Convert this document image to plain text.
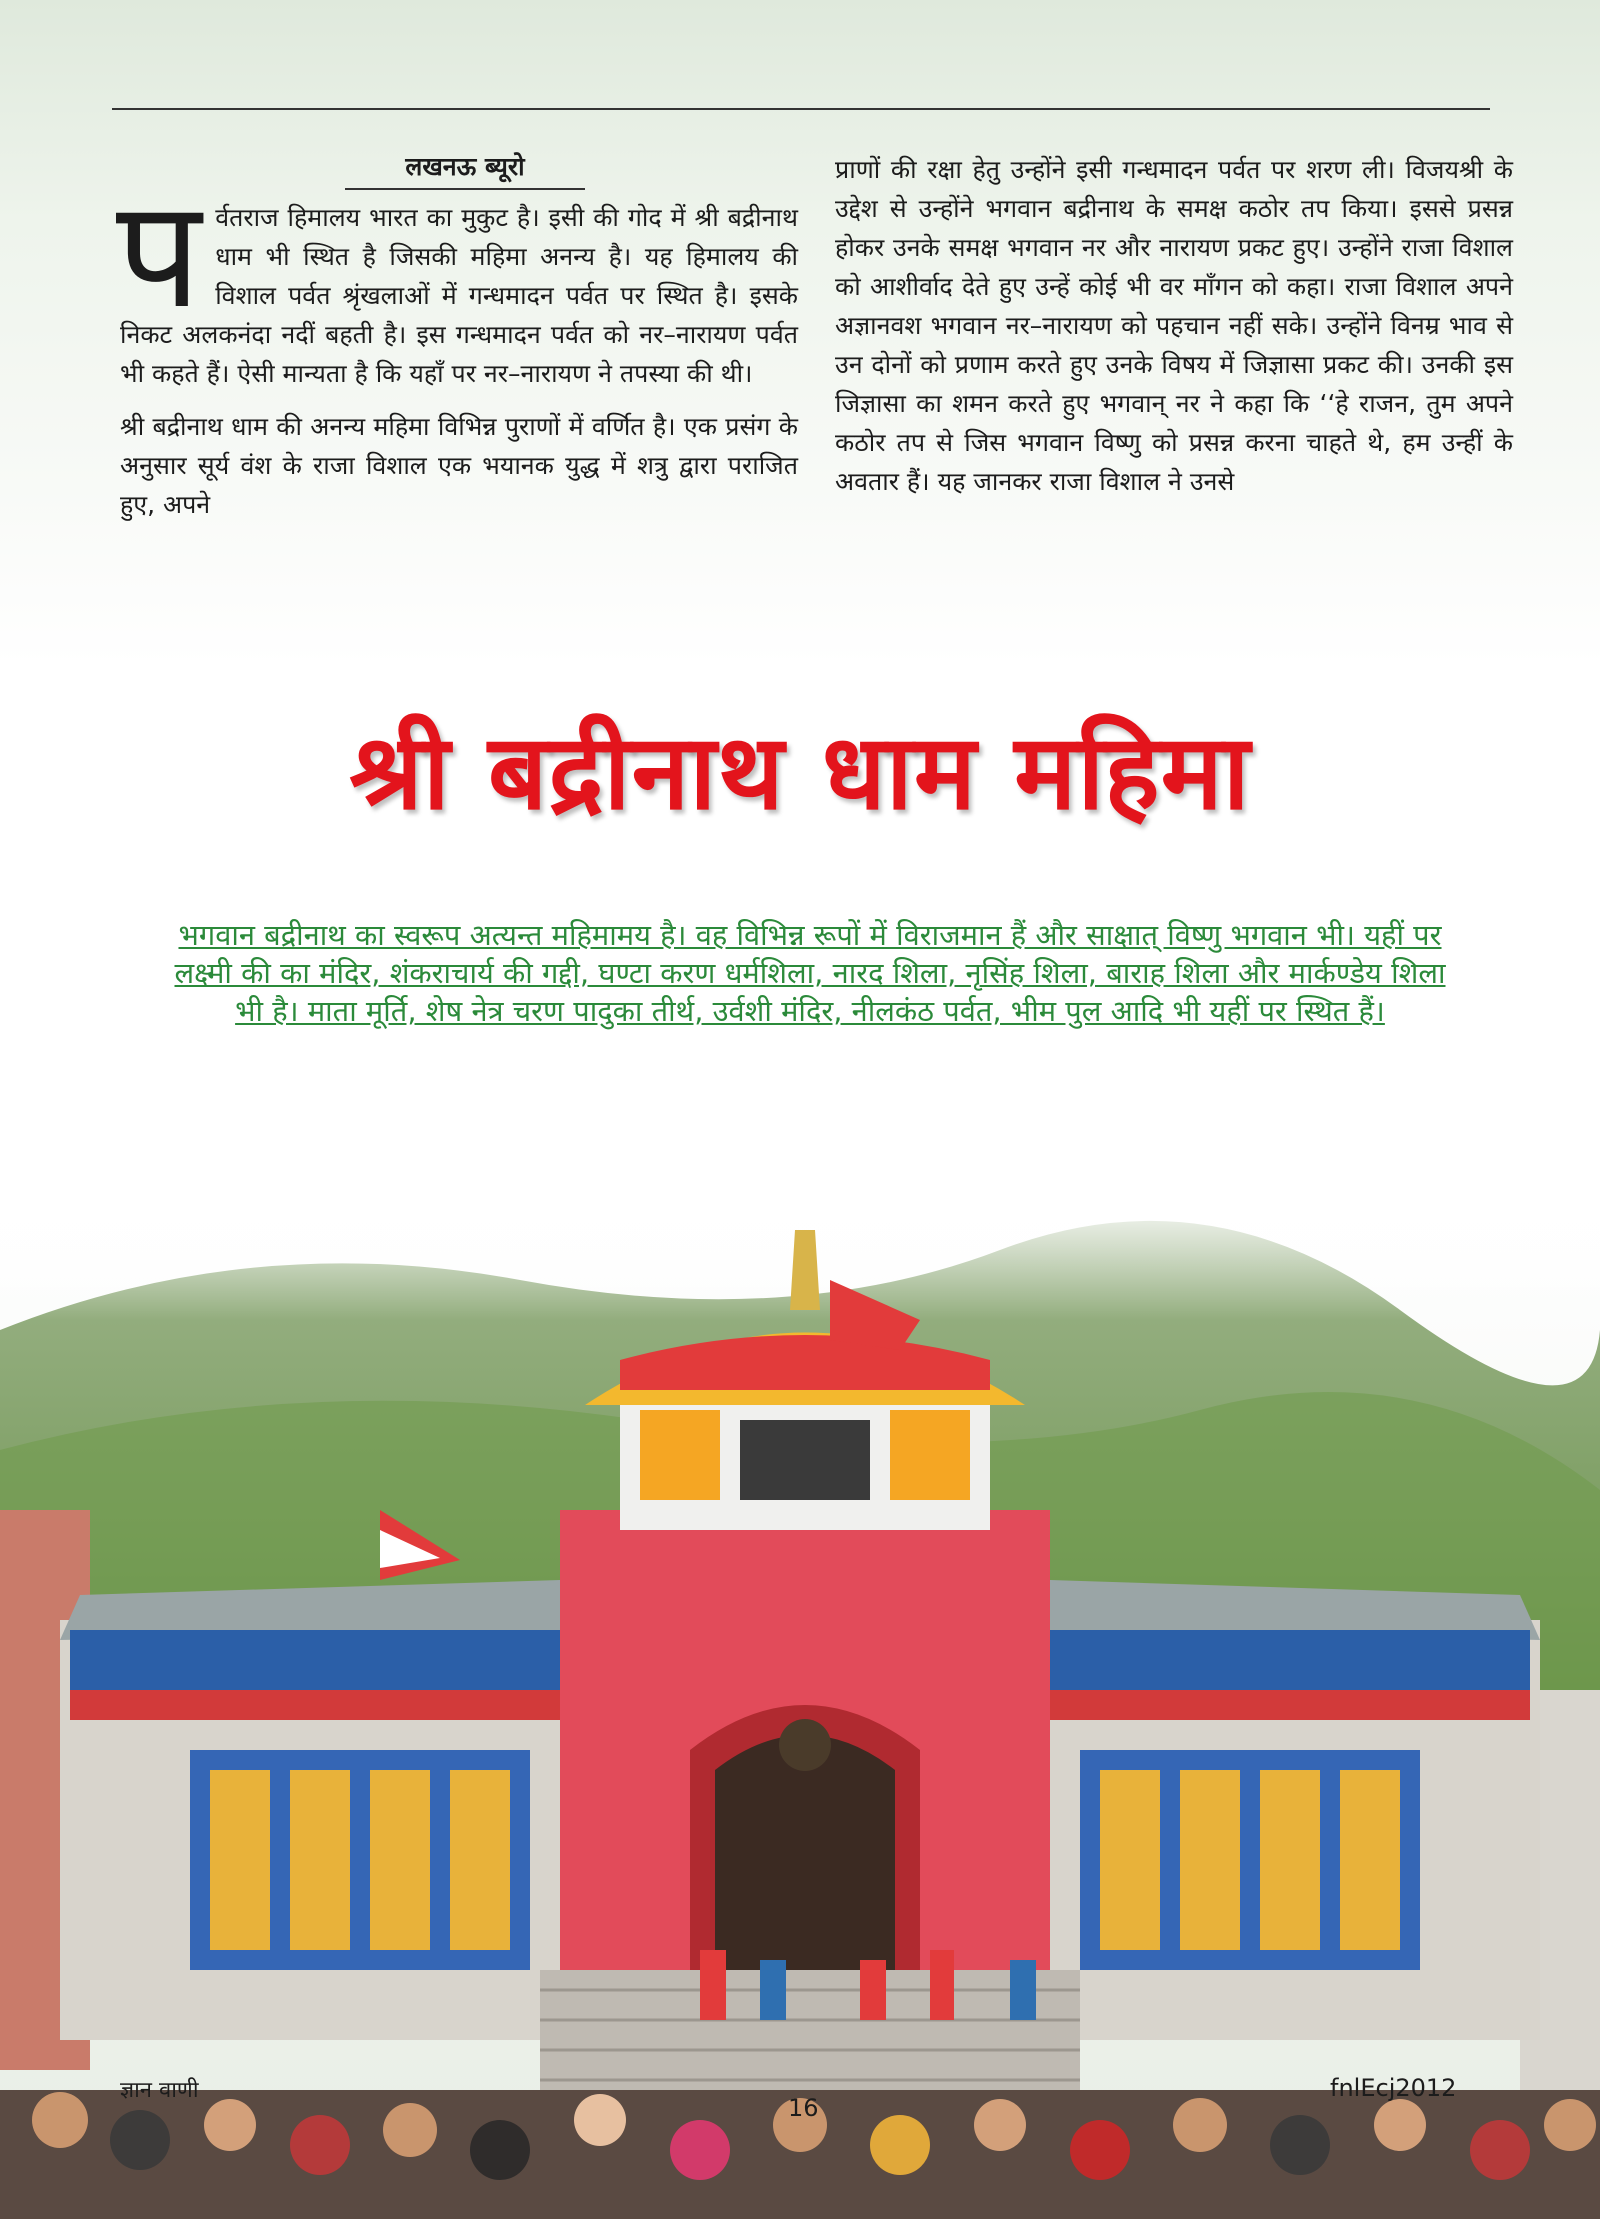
लखनऊ ब्यूरो

पर्वतराज हिमालय भारत का मुकुट है। इसी की गोद में श्री बद्रीनाथ धाम भी स्थित है जिसकी महिमा अनन्य है। यह हिमालय की विशाल पर्वत श्रृंखलाओं में गन्धमादन पर्वत पर स्थित है। इसके निकट अलकनंदा नदीं बहती है। इस गन्धमादन पर्वत को नर–नारायण पर्वत भी कहते हैं। ऐसी मान्यता है कि यहाँ पर नर–नारायण ने तपस्या की थी।

श्री बद्रीनाथ धाम की अनन्य महिमा विभिन्न पुराणों में वर्णित है। एक प्रसंग के अनुसार सूर्य वंश के राजा विशाल एक भयानक युद्ध में शत्रु द्वारा पराजित हुए, अपने

प्राणों की रक्षा हेतु उन्होंने इसी गन्धमादन पर्वत पर शरण ली। विजयश्री के उद्देश से उन्होंने भगवान बद्रीनाथ के समक्ष कठोर तप किया। इससे प्रसन्न होकर उनके समक्ष भगवान नर और नारायण प्रकट हुए। उन्होंने राजा विशाल को आशीर्वाद देते हुए उन्हें कोई भी वर माँगन को कहा। राजा विशाल अपने अज्ञानवश भगवान नर–नारायण को पहचान नहीं सके। उन्होंने विनम्र भाव से उन दोनों को प्रणाम करते हुए उनके विषय में जिज्ञासा प्रकट की। उनकी इस जिज्ञासा का शमन करते हुए भगवान् नर ने कहा कि ‘‘हे राजन, तुम अपने कठोर तप से जिस भगवान विष्णु को प्रसन्न करना चाहते थे, हम उन्हीं के अवतार हैं। यह जानकर राजा विशाल ने उनसे

श्री बद्रीनाथ धाम महिमा

भगवान बद्रीनाथ का स्वरूप अत्यन्त महिमामय है। वह विभिन्न रूपों में विराजमान हैं और साक्षात् विष्णु भगवान भी। यहीं पर लक्ष्मी की का मंदिर, शंकराचार्य की गद्दी, घण्टा करण धर्मशिला, नारद शिला, नृसिंह शिला, बाराह शिला और मार्कण्डेय शिला भी है। माता मूर्ति, शेष नेत्र चरण पादुका तीर्थ, उर्वशी मंदिर, नीलकंठ पर्वत, भीम पुल आदि भी यहीं पर स्थित हैं।

ज्ञान वाणी

16

fnlEcj2012
